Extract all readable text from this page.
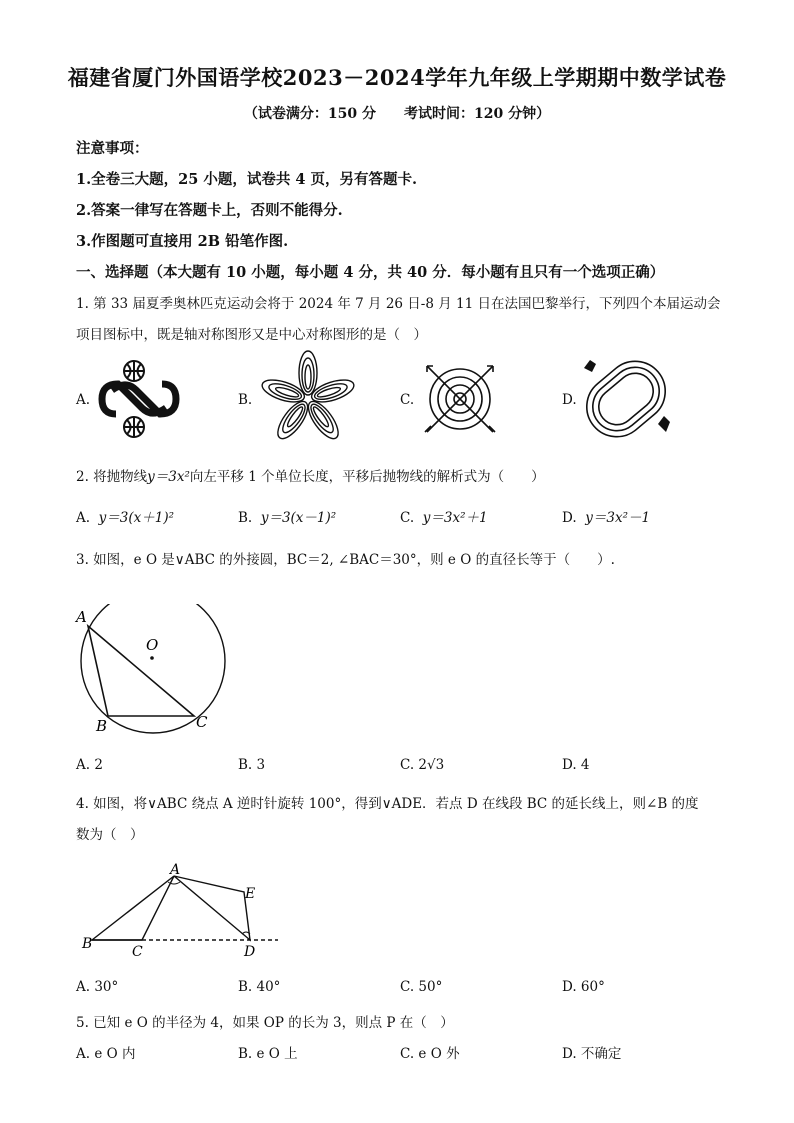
福建省厦门外国语学校2023－2024学年九年级上学期期中数学试卷
（试卷满分：150 分　　考试时间：120 分钟）
注意事项：
1.全卷三大题，25 小题，试卷共 4 页，另有答题卡.
2.答案一律写在答题卡上，否则不能得分.
3.作图题可直接用 2B 铅笔作图.
一、选择题（本大题有 10 小题，每小题 4 分，共 40 分．每小题有且只有一个选项正确）
1. 第 33 届夏季奥林匹克运动会将于 2024 年 7 月 26 日-8 月 11 日在法国巴黎举行，下列四个本届运动会
项目图标中，既是轴对称图形又是中心对称图形的是（　）
A.	B.	C.	D.
2. 将抛物线y＝3x²向左平移 1 个单位长度，平移后抛物线的解析式为（　　）
A. y＝3(x＋1)²	B. y＝3(x－1)²	C. y＝3x²＋1	D. y＝3x²－1
3. 如图，e O 是∨ABC 的外接圆，BC＝2, ∠BAC＝30°，则 e O 的直径长等于（　　）.
A
O
B	C
A. 2	B. 3	C. 2√3	D. 4
4. 如图，将∨ABC 绕点 A 逆时针旋转 100°，得到∨ADE．若点 D 在线段 BC 的延长线上，则∠B 的度
数为（　）
A
E
B	C	D
A. 30°	B. 40°	C. 50°	D. 60°
5. 已知 e O 的半径为 4，如果 OP 的长为 3，则点 P 在（　）
A. e O 内	B. e O 上	C. e O 外	D. 不确定
